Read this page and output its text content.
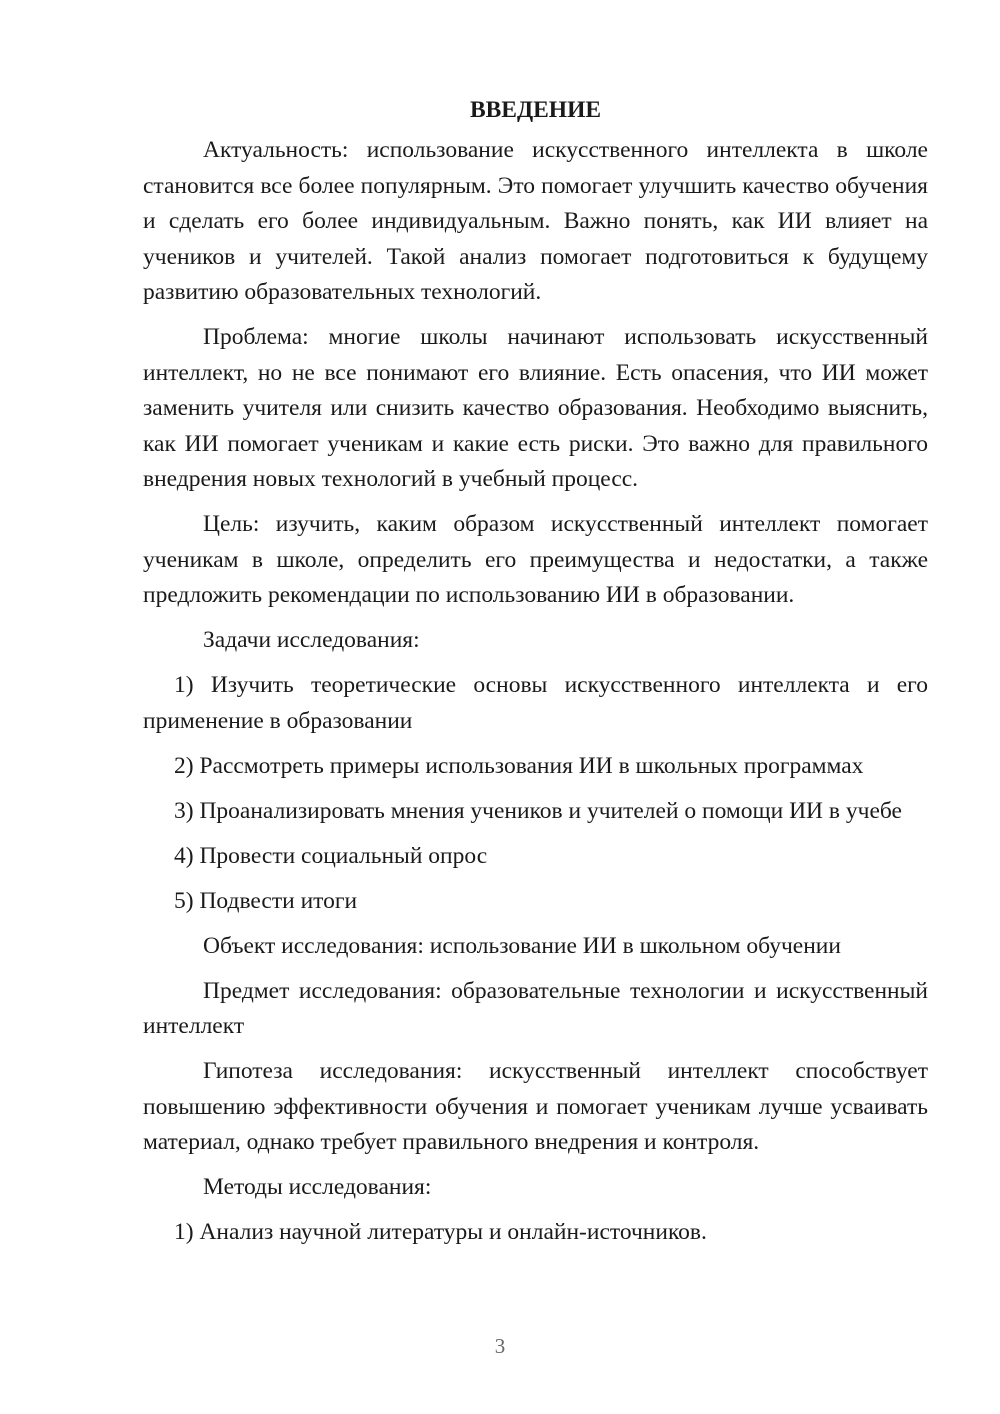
ВВЕДЕНИЕ

Актуальность: использование искусственного интеллекта в школе становится все более популярным. Это помогает улучшить качество обучения и сделать его более индивидуальным. Важно понять, как ИИ влияет на учеников и учителей. Такой анализ помогает подготовиться к будущему развитию образовательных технологий.

Проблема: многие школы начинают использовать искусственный интеллект, но не все понимают его влияние. Есть опасения, что ИИ может заменить учителя или снизить качество образования. Необходимо выяснить, как ИИ помогает ученикам и какие есть риски. Это важно для правильного внедрения новых технологий в учебный процесс.

Цель: изучить, каким образом искусственный интеллект помогает ученикам в школе, определить его преимущества и недостатки, а также предложить рекомендации по использованию ИИ в образовании.

Задачи исследования:

1) Изучить теоретические основы искусственного интеллекта и его применение в образовании

2) Рассмотреть примеры использования ИИ в школьных программах

3) Проанализировать мнения учеников и учителей о помощи ИИ в учебе

4) Провести социальный опрос

5) Подвести итоги

Объект исследования: использование ИИ в школьном обучении

Предмет исследования: образовательные технологии и искусственный интеллект

Гипотеза исследования: искусственный интеллект способствует повышению эффективности обучения и помогает ученикам лучше усваивать материал, однако требует правильного внедрения и контроля.

Методы исследования:

1) Анализ научной литературы и онлайн-источников.

3
